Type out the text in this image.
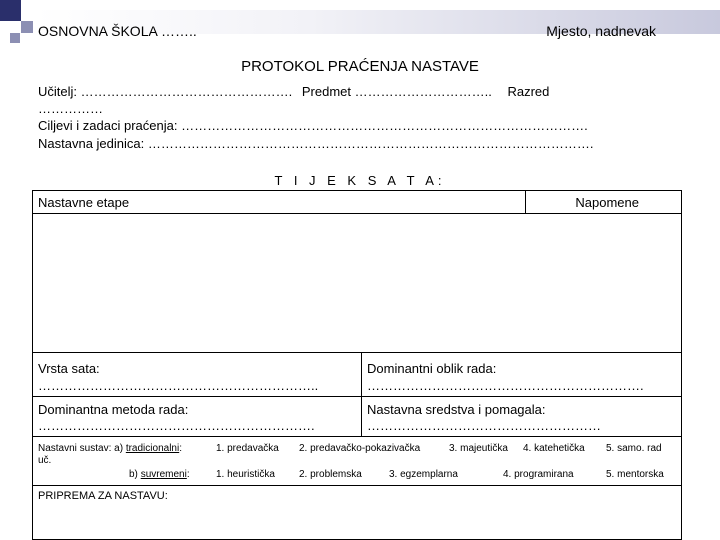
OSNOVNA ŠKOLA ……..	Mjesto, nadnevak
PROTOKOL PRAĆENJA NASTAVE
Učitelj: …………………………………………. Predmet ………………………….. Razred
……………
Ciljevi i zadaci praćenja: ………………………………………………………………………………….
Nastavna jedinica: ………………………………………………………………………………………….
T I J E K S A T A:
Nastavne etape	Napomene
Vrsta sata:
………………………………………………………..
Dominantni oblik rada:
……………………………………………………….
Dominantna metoda rada:
……………………………………………………….
Nastavna sredstva i pomagala:
………………………………………………
Nastavni sustav: a) tradicionalni:	1. predavačka 2. predavačko-pokazivačka	3. majeutička 4. katehetička 5. samo. rad
uč.
b) suvremeni:	1. heuristička 2. problemska	3. egzemplarna	4. programirana	5. mentorska
PRIPREMA ZA NASTAVU:
